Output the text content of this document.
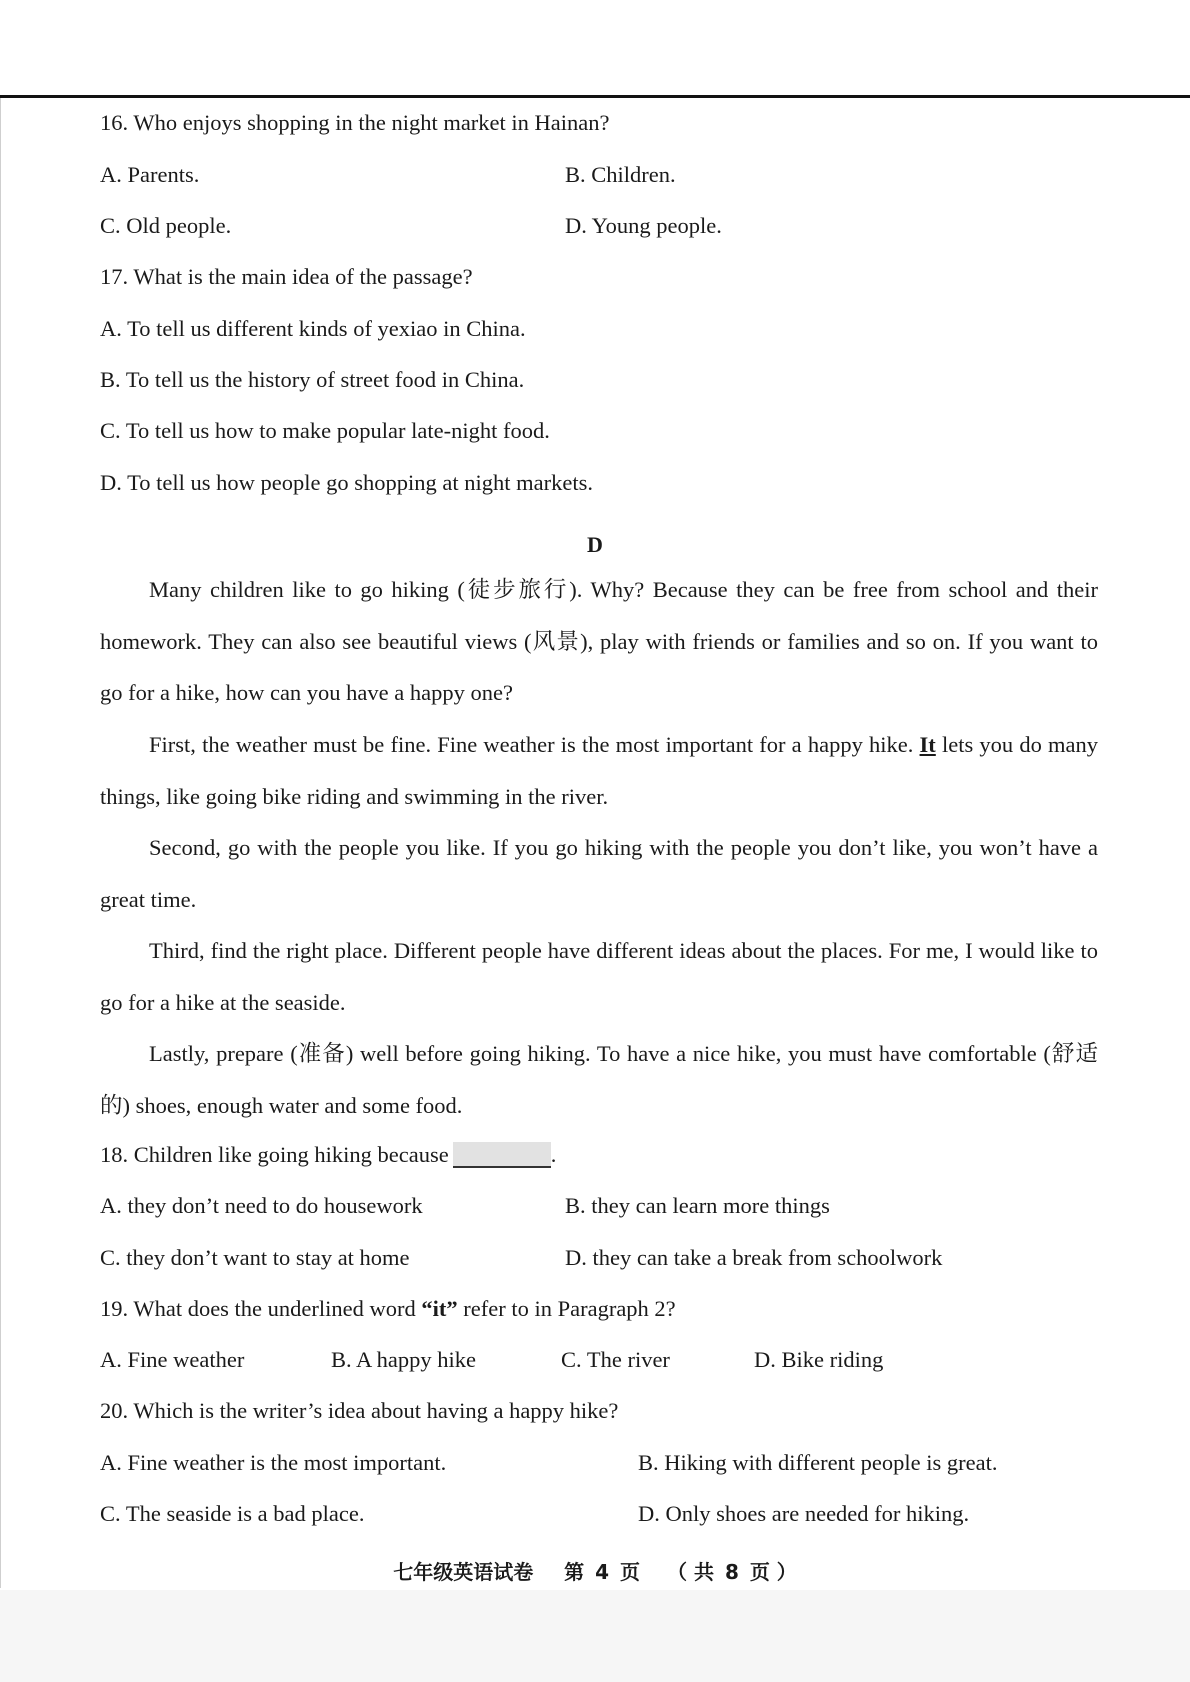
16. Who enjoys shopping in the night market in Hainan?
A. Parents.	B. Children.
C. Old people.	D. Young people.
17. What is the main idea of the passage?
A. To tell us different kinds of yexiao in China.
B. To tell us the history of street food in China.
C. To tell us how to make popular late-night food.
D. To tell us how people go shopping at night markets.
D
Many children like to go hiking (徒步旅行). Why? Because they can be free from school and their homework. They can also see beautiful views (风景), play with friends or families and so on. If you want to go for a hike, how can you have a happy one?
First, the weather must be fine. Fine weather is the most important for a happy hike. It lets you do many things, like going bike riding and swimming in the river.
Second, go with the people you like. If you go hiking with the people you don’t like, you won’t have a great time.
Third, find the right place. Different people have different ideas about the places. For me, I would like to go for a hike at the seaside.
Lastly, prepare (准备) well before going hiking. To have a nice hike, you must have comfortable (舒适的) shoes, enough water and some food.
18. Children like going hiking because	.
A. they don’t need to do housework	B. they can learn more things
C. they don’t want to stay at home	D. they can take a break from schoolwork
19. What does the underlined word “it” refer to in Paragraph 2?
A. Fine weather	B. A happy hike	C. The river	D. Bike riding
20. Which is the writer’s idea about having a happy hike?
A. Fine weather is the most important.	B. Hiking with different people is great.
C. The seaside is a bad place.	D. Only shoes are needed for hiking.
七年级英语试卷 第 4 页 （ 共 8 页 ）
